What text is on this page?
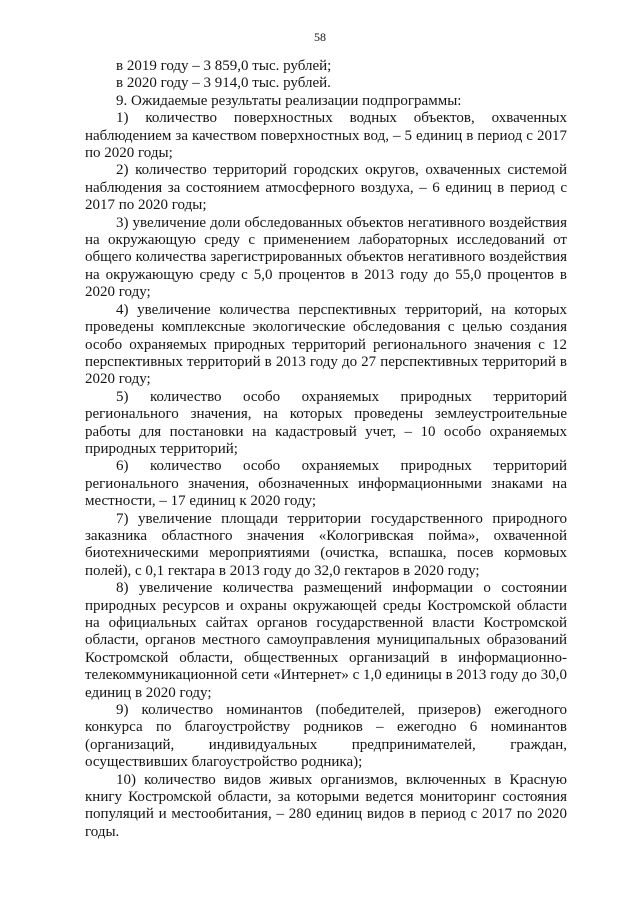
58

в 2019 году – 3 859,0 тыс. рублей;

в 2020 году – 3 914,0 тыс. рублей.

9. Ожидаемые результаты реализации подпрограммы:

1) количество поверхностных водных объектов, охваченных наблюдением за качеством поверхностных вод, – 5 единиц в период с 2017 по 2020 годы;

2) количество территорий городских округов, охваченных системой наблюдения за состоянием атмосферного воздуха, – 6 единиц в период с 2017 по 2020 годы;

3) увеличение доли обследованных объектов негативного воздействия на окружающую среду с применением лабораторных исследований от общего количества зарегистрированных объектов негативного воздействия на окружающую среду с 5,0 процентов в 2013 году до 55,0 процентов в 2020 году;

4) увеличение количества перспективных территорий, на которых проведены комплексные экологические обследования с целью создания особо охраняемых природных территорий регионального значения с 12 перспективных территорий в 2013 году до 27 перспективных территорий в 2020 году;

5) количество особо охраняемых природных территорий регионального значения, на которых проведены землеустроительные работы для постановки на кадастровый учет, – 10 особо охраняемых природных территорий;

6) количество особо охраняемых природных территорий регионального значения, обозначенных информационными знаками на местности, – 17 единиц к 2020 году;

7) увеличение площади территории государственного природного заказника областного значения «Кологривская пойма», охваченной биотехническими мероприятиями (очистка, вспашка, посев кормовых полей), с 0,1 гектара в 2013 году до 32,0 гектаров в 2020 году;

8) увеличение количества размещений информации о состоянии природных ресурсов и охраны окружающей среды Костромской области на официальных сайтах органов государственной власти Костромской области, органов местного самоуправления муниципальных образований Костромской области, общественных организаций в информационно-телекоммуникационной сети «Интернет» с 1,0 единицы в 2013 году до 30,0 единиц в 2020 году;

9) количество номинантов (победителей, призеров) ежегодного конкурса по благоустройству родников – ежегодно 6 номинантов (организаций, индивидуальных предпринимателей, граждан, осуществивших благоустройство родника);

10) количество видов живых организмов, включенных в Красную книгу Костромской области, за которыми ведется мониторинг состояния популяций и местообитания, – 280 единиц видов в период с 2017 по 2020 годы.
